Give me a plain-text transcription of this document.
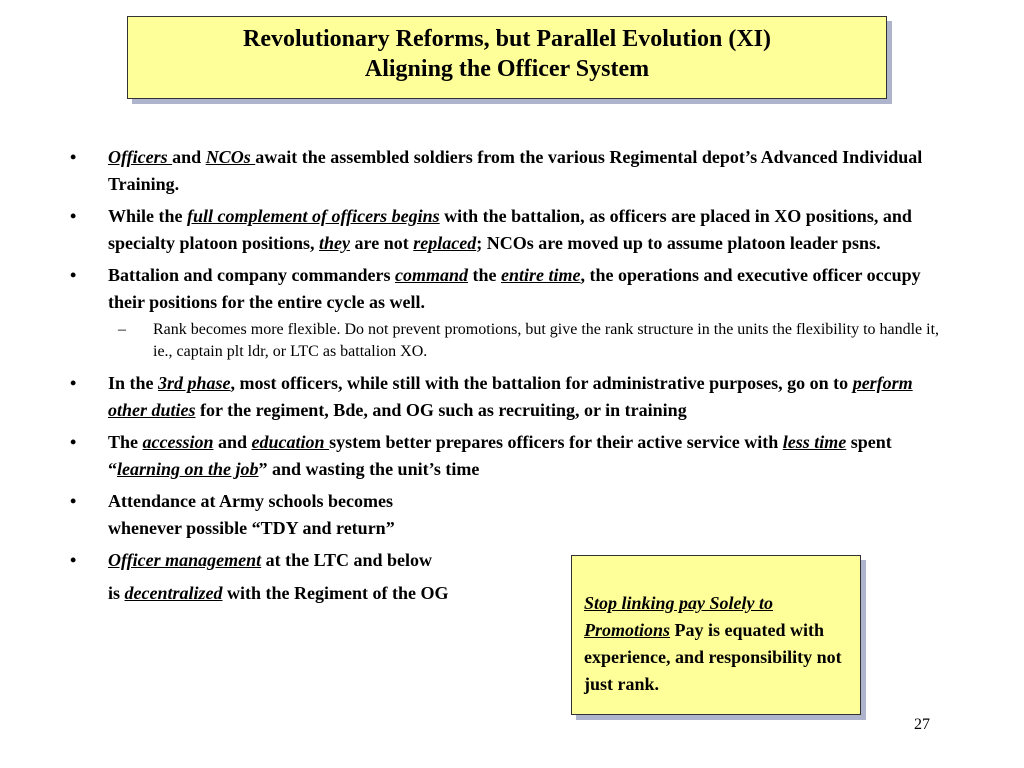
Revolutionary Reforms, but Parallel Evolution (XI)
Aligning the Officer System
• Officers and NCOs await the assembled soldiers from the various Regimental depot’s Advanced Individual Training.
• While the full complement of officers begins with the battalion, as officers are placed in XO positions, and specialty platoon positions, they are not replaced; NCOs are moved up to assume platoon leader psns.
• Battalion and company commanders command the entire time, the operations and executive officer occupy their positions for the entire cycle as well.
– Rank becomes more flexible. Do not prevent promotions, but give the rank structure in the units the flexibility to handle it, ie., captain plt ldr, or LTC as battalion XO.
• In the 3rd phase, most officers, while still with the battalion for administrative purposes, go on to perform other duties for the regiment, Bde, and OG such as recruiting, or in training
• The accession and education system better prepares officers for their active service with less time spent “learning on the job” and wasting the unit’s time
• Attendance at Army schools becomes
whenever possible “TDY and return”
• Officer management at the LTC and below
is decentralized with the Regiment of the OG	Stop linking pay Solely to
Promotions Pay is equated with experience, and responsibility not just rank.
27
